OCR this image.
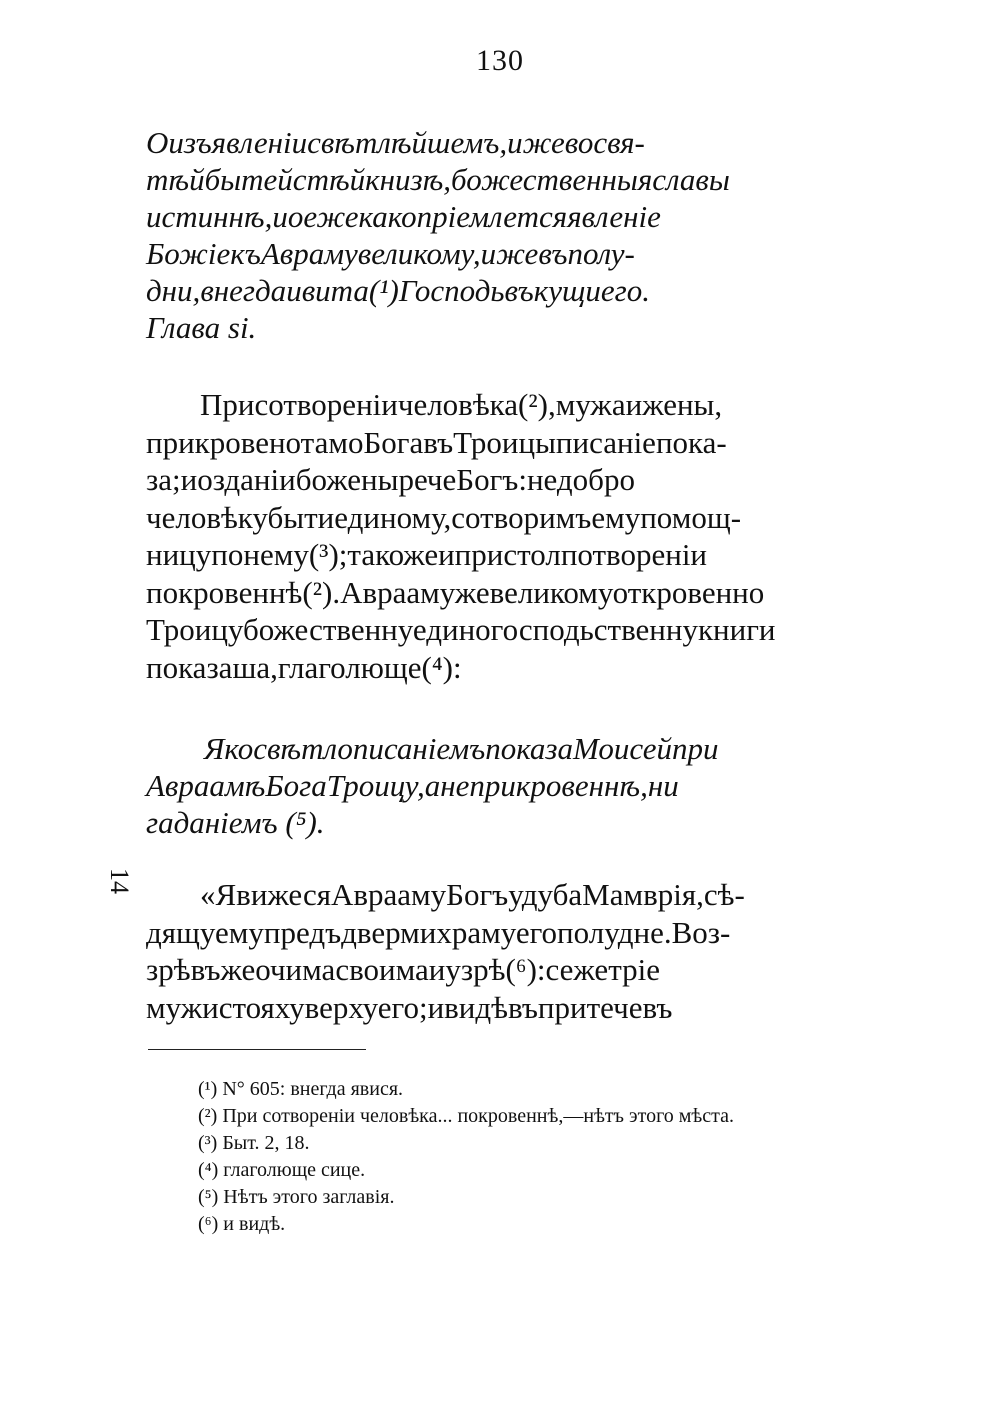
130
Оизъявленіисвѣтлѣйшемъ,ижевосвя-
тѣйбытейстѣйкнизѣ,божественныяславы
истиннѣ,иоежекакопріемлетсяявленіе
БожіекъАврамувеликому,ижевъполу-
дни,внегдаивита(¹)Господьвъкущиего.
Глава ѕі.
Присотвореніичеловѣка(²),мужаижены,
прикровенотамоБогавъТроицыписаніепока-
за;иозданіибоженыречеБогъ:недобро
человѣкубытиединому,сотворимъемупомощ-
ницупонему(³);такожеипристолпотвореніи
покровеннѣ(²).Авраамужевеликомуоткровенно
Троицубожественнуединогосподьственнукниги
показаша,глаголюще(⁴):
ЯкосвѣтлописаніемъпоказаМоисейпри
АвраамѣБогаТроицу,анеприкровеннѣ,ни
гаданіемъ (⁵).
14	«ЯвижесяАвраамуБогъудубаМамврія,сѣ-
дящуемупредъдвермихрамуегополудне.Воз-
зрѣвъжеочимасвоимаиузрѣ(⁶):сежетріе
мужистояхуверхуего;ивидѣвъпритечевъ
(¹) N° 605: внегда явися.
(²) При сотвореніи человѣка... покровеннѣ,—нѣтъ этого мѣста.
(³) Быт. 2, 18.
(⁴) глаголюще сице.
(⁵) Нѣтъ этого заглавія.
(⁶) и видѣ.
